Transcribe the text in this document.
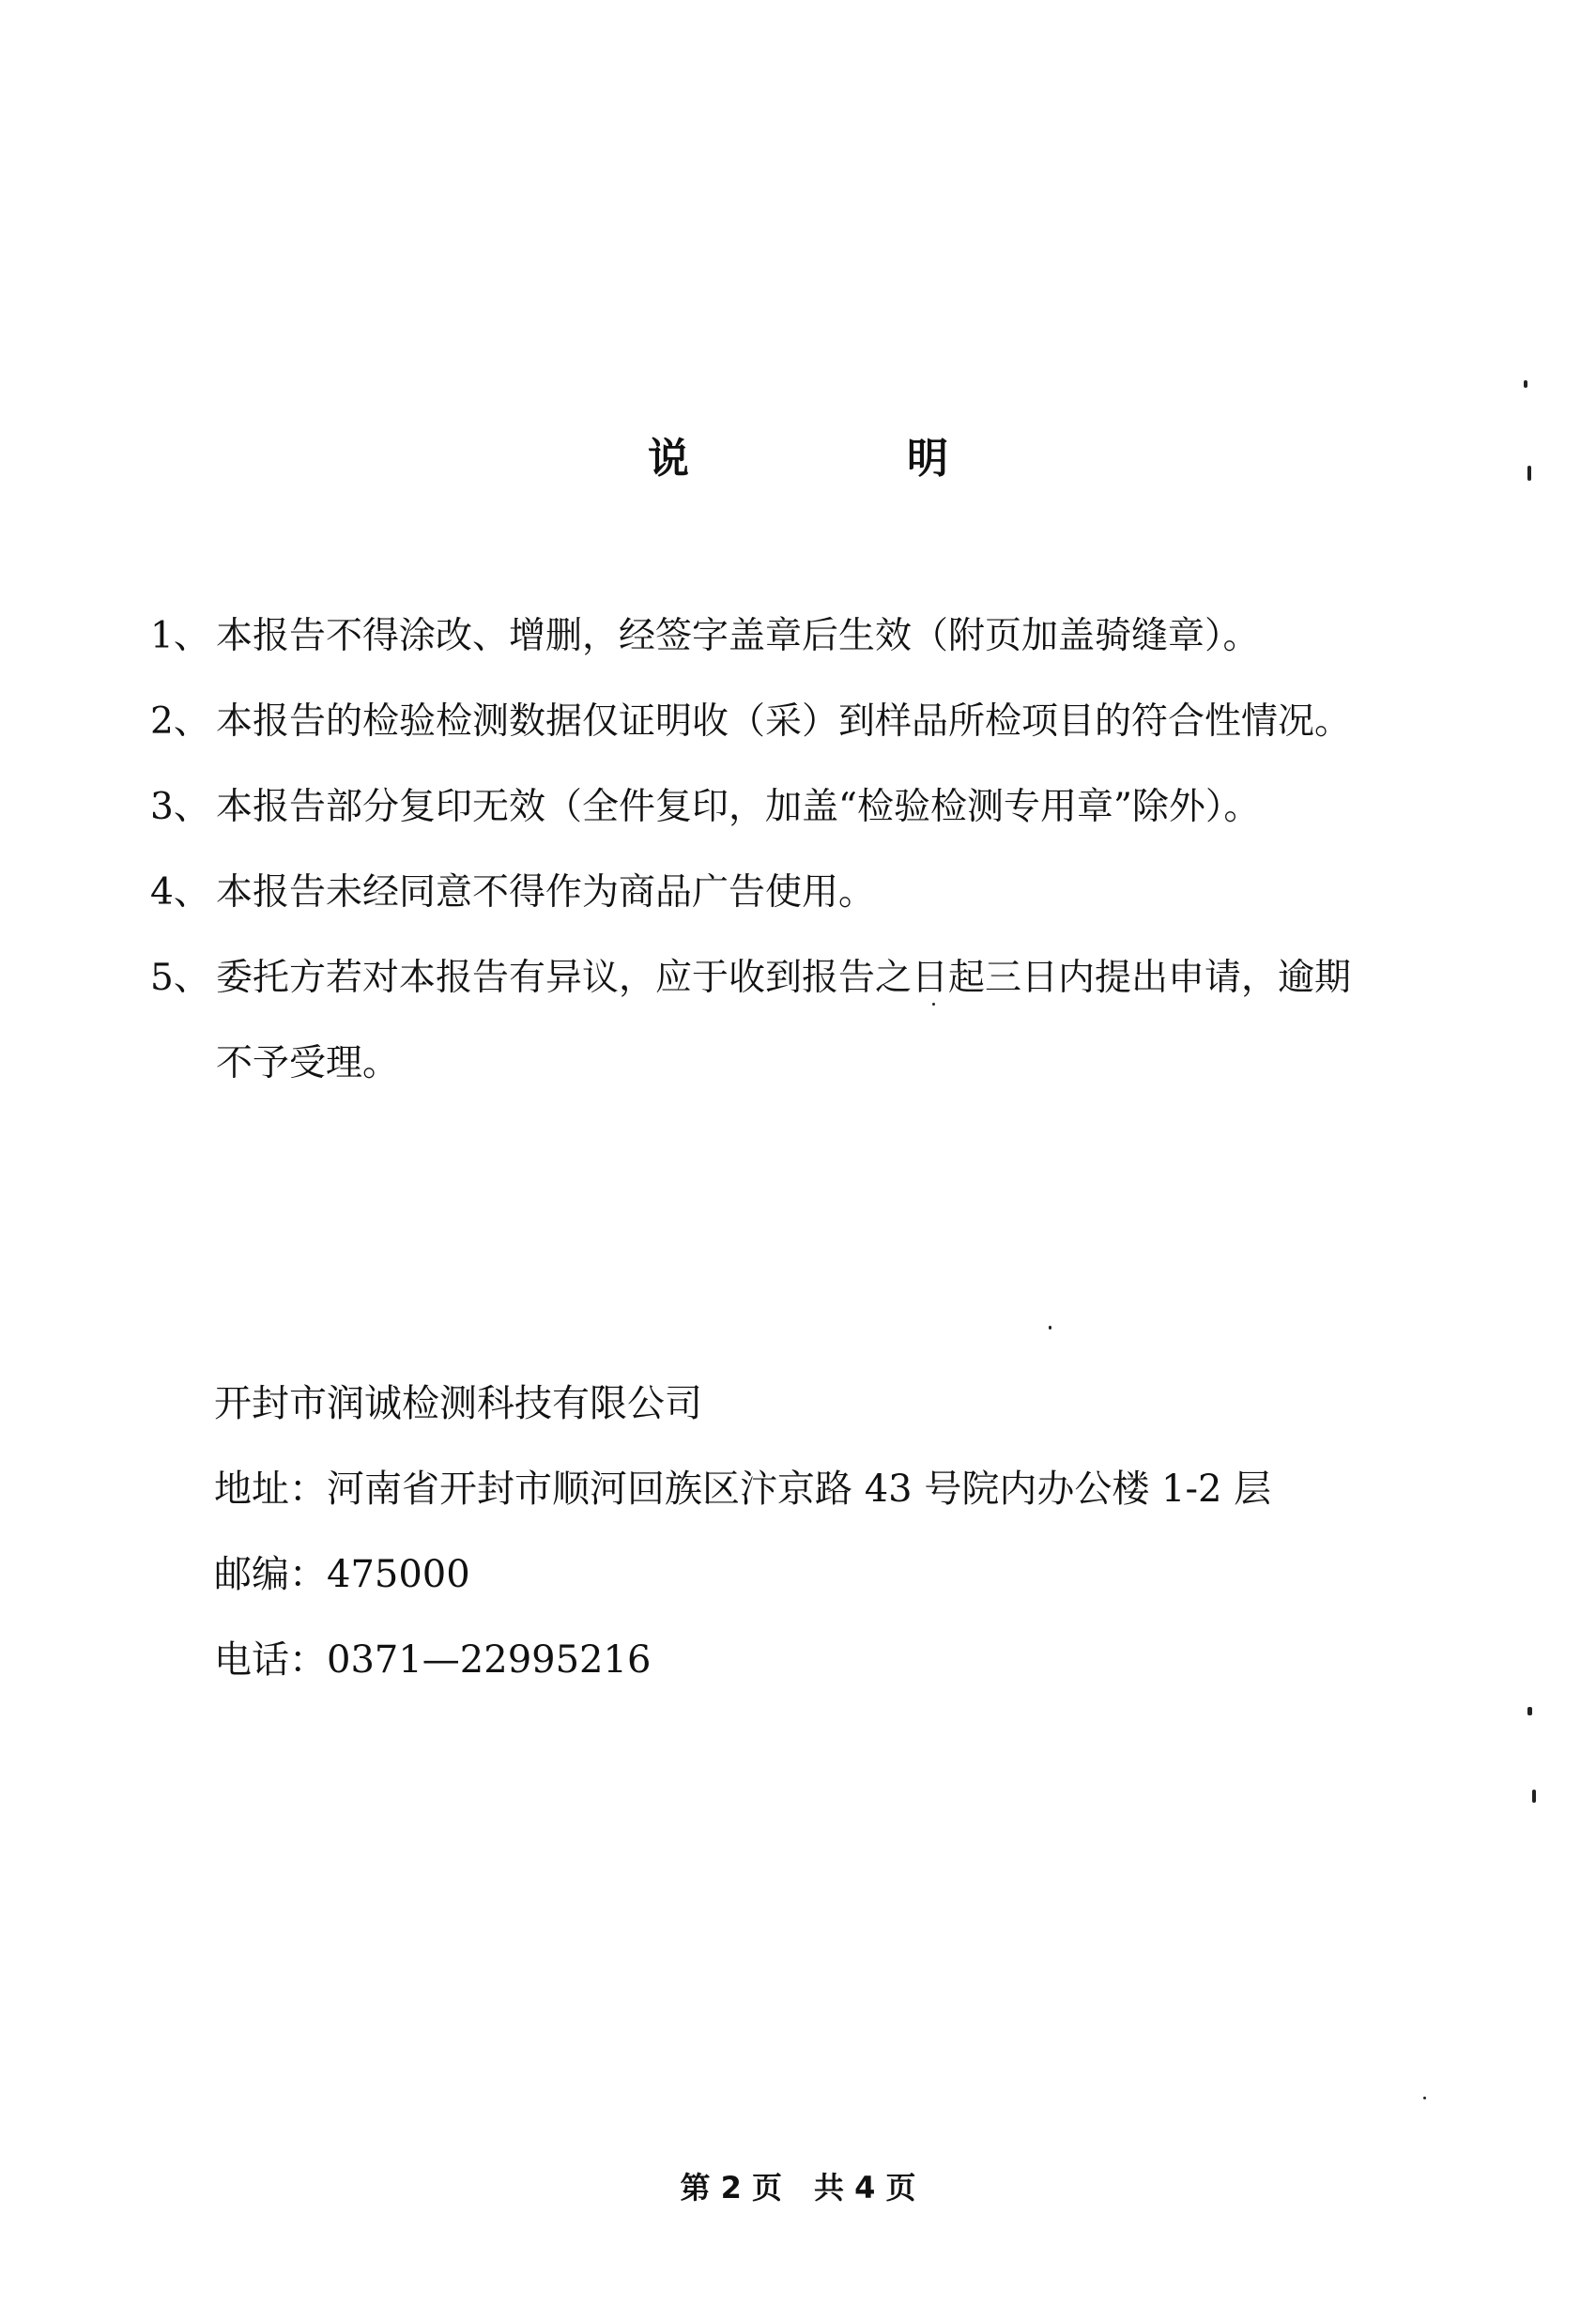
说	明
1、 本报告不得涂改、增删，经签字盖章后生效（附页加盖骑缝章）。
2、 本报告的检验检测数据仅证明收（采）到样品所检项目的符合性情况。
3、 本报告部分复印无效（全件复印，加盖“检验检测专用章”除外）。
4、 本报告未经同意不得作为商品广告使用。
5、 委托方若对本报告有异议，应于收到报告之日起三日内提出申请，逾期
不予受理。
开封市润诚检测科技有限公司
地址：河南省开封市顺河回族区汴京路 43 号院内办公楼 1-2 层
邮编：475000
电话：0371—22995216
第 2 页 共 4 页
